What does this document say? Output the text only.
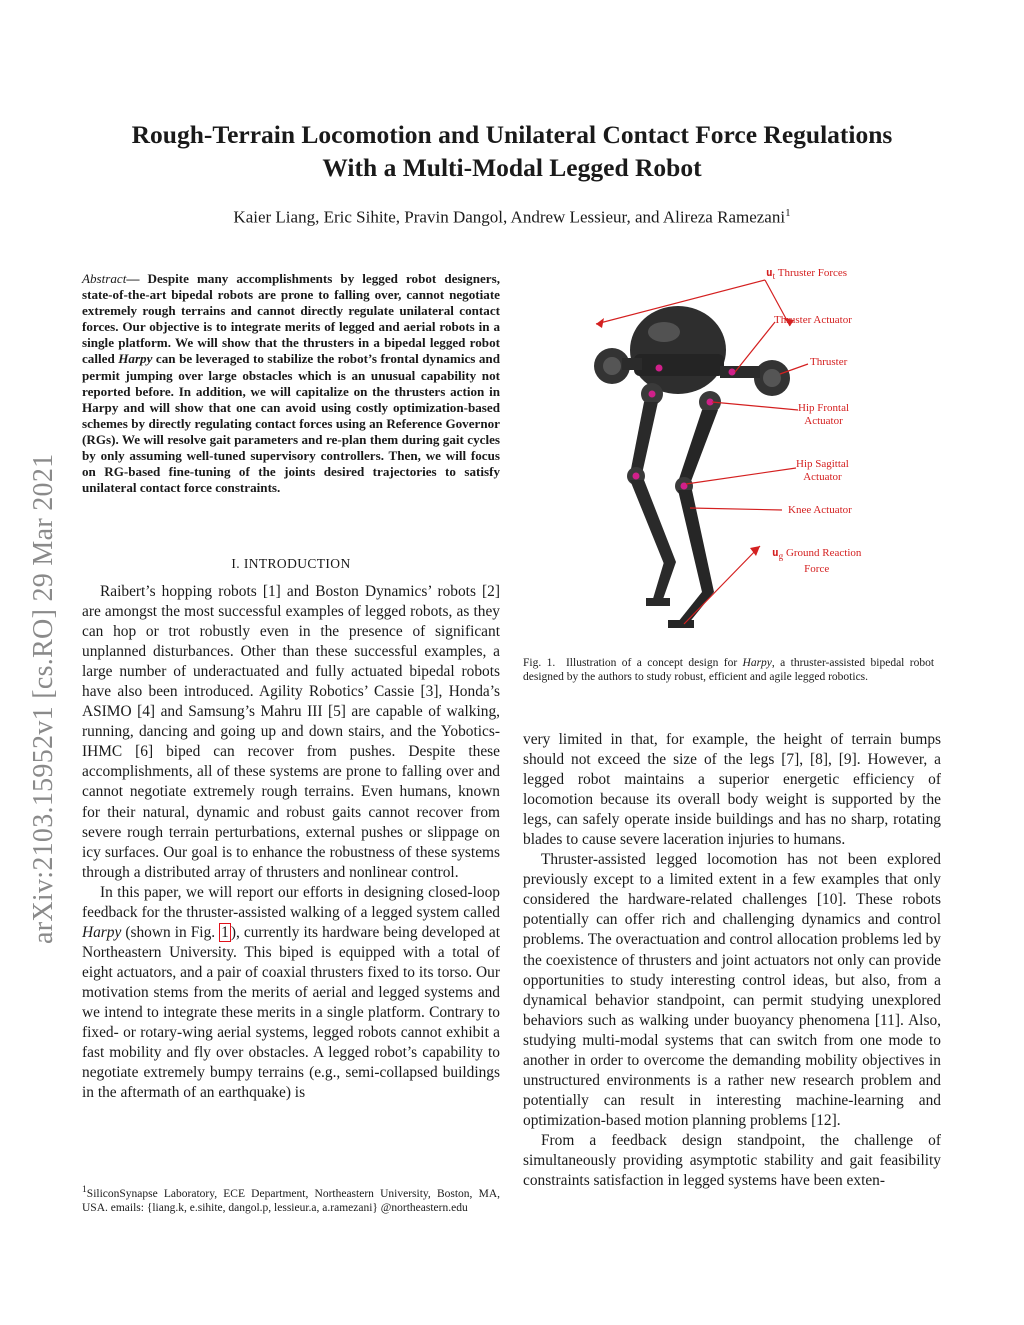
arXiv:2103.15952v1 [cs.RO] 29 Mar 2021
Rough-Terrain Locomotion and Unilateral Contact Force Regulations
With a Multi-Modal Legged Robot
Kaier Liang, Eric Sihite, Pravin Dangol, Andrew Lessieur, and Alireza Ramezani$^1$
Abstract— Despite many accomplishments by legged robot designers, state-of-the-art bipedal robots are prone to falling over, cannot negotiate extremely rough terrains and cannot directly regulate unilateral contact forces. Our objective is to integrate merits of legged and aerial robots in a single platform. We will show that the thrusters in a bipedal legged robot called Harpy can be leveraged to stabilize the robot’s frontal dynamics and permit jumping over large obstacles which is an unusual capability not reported before. In addition, we will capitalize on the thrusters action in Harpy and will show that one can avoid using costly optimization-based schemes by directly regulating contact forces using an Reference Governor (RGs). We will resolve gait parameters and re-plan them during gait cycles by only assuming well-tuned supervisory controllers. Then, we will focus on RG-based fine-tuning of the joints desired trajectories to satisfy unilateral contact force constraints.
I. INTRODUCTION

Raibert’s hopping robots [1] and Boston Dynamics’ robots [2] are amongst the most successful examples of legged robots, as they can hop or trot robustly even in the presence of significant unplanned disturbances. Other than these successful examples, a large number of underactuated and fully actuated bipedal robots have also been introduced. Agility Robotics’ Cassie [3], Honda’s ASIMO [4] and Samsung’s Mahru III [5] are capable of walking, running, dancing and going up and down stairs, and the Yobotics-IHMC [6] biped can recover from pushes. Despite these accomplishments, all of these systems are prone to falling over and cannot negotiate extremely rough terrains. Even humans, known for their natural, dynamic and robust gaits cannot recover from severe rough terrain perturbations, external pushes or slippage on icy surfaces. Our goal is to enhance the robustness of these systems through a distributed array of thrusters and nonlinear control.

In this paper, we will report our efforts in designing closed-loop feedback for the thruster-assisted walking of a legged system called Harpy (shown in Fig. 1 ), currently its hardware being developed at Northeastern University. This biped is equipped with a total of eight actuators, and a pair of coaxial thrusters fixed to its torso. Our motivation stems from the merits of aerial and legged systems and we intend to integrate these merits in a single platform. Contrary to fixed- or rotary-wing aerial systems, legged robots cannot exhibit a fast mobility and fly over obstacles. A legged robot’s capability to negotiate extremely bumpy terrains (e.g., semi-collapsed buildings in the aftermath of an earthquake) is

$^1$SiliconSynapse Laboratory, ECE Department, Northeastern University, Boston, MA, USA. emails: {liang.k, e.sihite, dangol.p, lessieur.a, a.ramezani} @northeastern.edu
$u_t$ Thruster Forces
Thruster Actuator
Thruster
Hip Frontal
Actuator
Hip Sagittal
Actuator
Knee Actuator
$u_g$ Ground Reaction
Force
Fig. 1. Illustration of a concept design for Harpy, a thruster-assisted bipedal robot designed by the authors to study robust, efficient and agile legged robotics.

very limited in that, for example, the height of terrain bumps should not exceed the size of the legs [7], [8], [9]. However, a legged robot maintains a superior energetic efficiency of locomotion because its overall body weight is supported by the legs, can safely operate inside buildings and has no sharp, rotating blades to cause severe laceration injuries to humans.

Thruster-assisted legged locomotion has not been explored previously except to a limited extent in a few examples that only considered the hardware-related challenges [10]. These robots potentially can offer rich and challenging dynamics and control problems. The overactuation and control allocation problems led by the coexistence of thrusters and joint actuators not only can provide opportunities to study interesting control ideas, but also, from a dynamical behavior standpoint, can permit studying unexplored behaviors such as walking under buoyancy phenomena [11]. Also, studying multi-modal systems that can switch from one mode to another in order to overcome the demanding mobility objectives in unstructured environments is a rather new research problem and potentially can result in interesting machine-learning and optimization-based motion planning problems [12].

From a feedback design standpoint, the challenge of simultaneously providing asymptotic stability and gait feasibility constraints satisfaction in legged systems have been exten-
